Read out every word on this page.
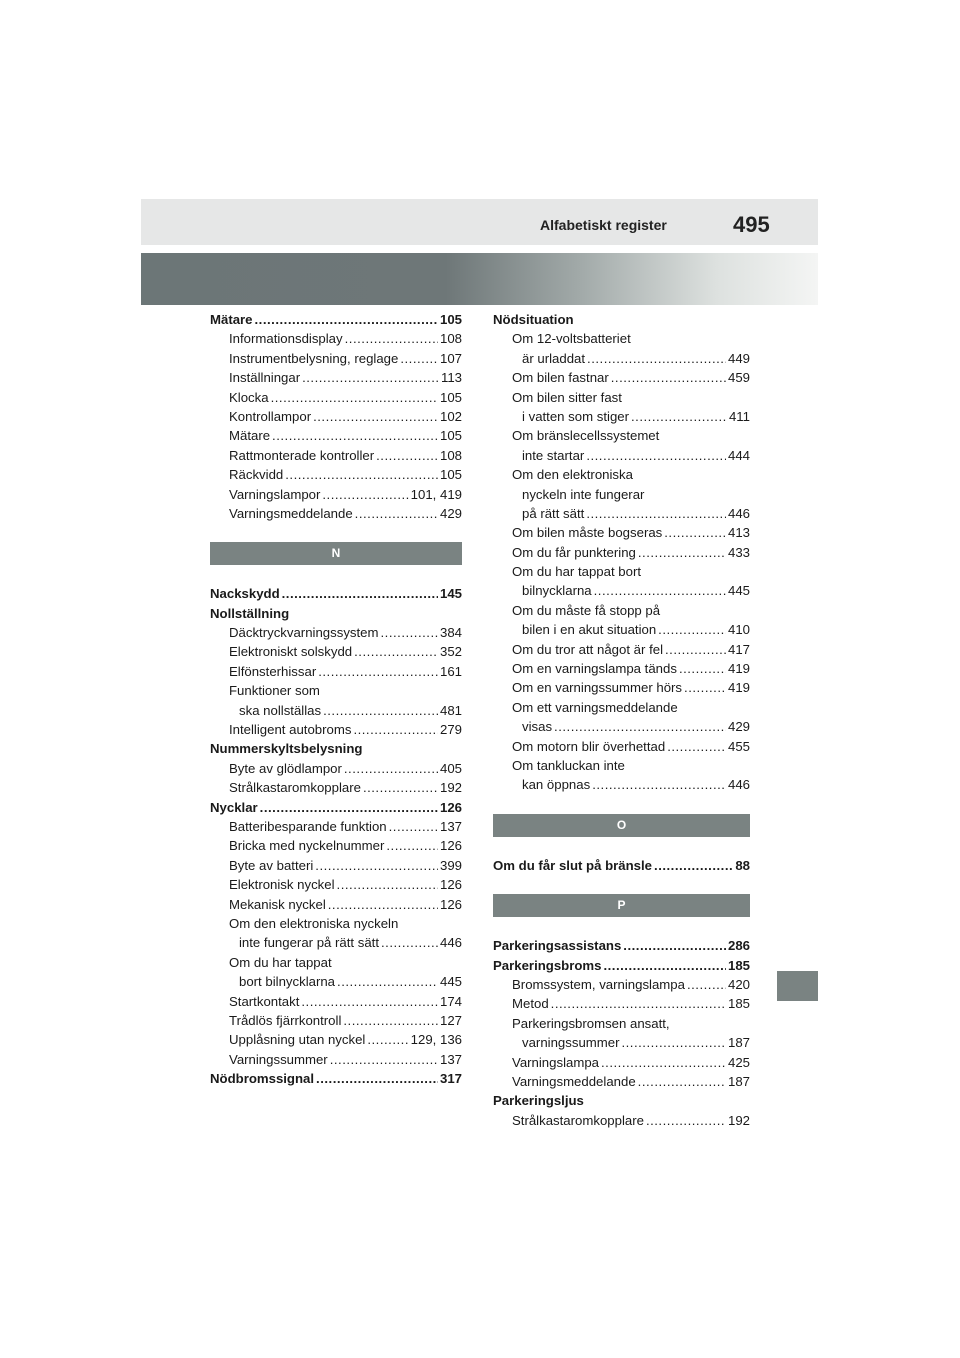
Alfabetiskt register	495
Mätare .....	105
Informationsdisplay .....	108
Instrumentbelysning, reglage .....	107
Inställningar .....	113
Klocka .....	105
Kontrollampor .....	102
Mätare .....	105
Rattmonterade kontroller .....	108
Räckvidd .....	105
Varningslampor .....	101, 419
Varningsmeddelande .....	429
N
Nackskydd .....	145
Nollställning
Däcktryckvarningssystem .....	384
Elektroniskt solskydd .....	352
Elfönsterhissar .....	161
Funktioner som
ska nollställas .....	481
Intelligent autobroms .....	279
Nummerskyltsbelysning
Byte av glödlampor .....	405
Strålkastaromkopplare .....	192
Nycklar .....	126
Batteribesparande funktion .....	137
Bricka med nyckelnummer .....	126
Byte av batteri .....	399
Elektronisk nyckel .....	126
Mekanisk nyckel .....	126
Om den elektroniska nyckeln
inte fungerar på rätt sätt .....	446
Om du har tappat
bort bilnycklarna .....	445
Startkontakt .....	174
Trådlös fjärrkontroll .....	127
Upplåsning utan nyckel .....	129, 136
Varningssummer .....	137
Nödbromssignal .....	317
Nödsituation
Om 12-voltsbatteriet
är urladdat .....	449
Om bilen fastnar .....	459
Om bilen sitter fast
i vatten som stiger .....	411
Om bränslecellssystemet
inte startar .....	444
Om den elektroniska
nyckeln inte fungerar
på rätt sätt .....	446
Om bilen måste bogseras .....	413
Om du får punktering .....	433
Om du har tappat bort
bilnycklarna .....	445
Om du måste få stopp på
bilen i en akut situation .....	410
Om du tror att något är fel .....	417
Om en varningslampa tänds .....	419
Om en varningssummer hörs .....	419
Om ett varningsmeddelande
visas .....	429
Om motorn blir överhettad .....	455
Om tankluckan inte
kan öppnas .....	446
O
Om du får slut på bränsle .....	88
P
Parkeringsassistans .....	286
Parkeringsbroms .....	185
Bromssystem, varningslampa .....	420
Metod .....	185
Parkeringsbromsen ansatt,
varningssummer .....	187
Varningslampa .....	425
Varningsmeddelande .....	187
Parkeringsljus
Strålkastaromkopplare .....	192
